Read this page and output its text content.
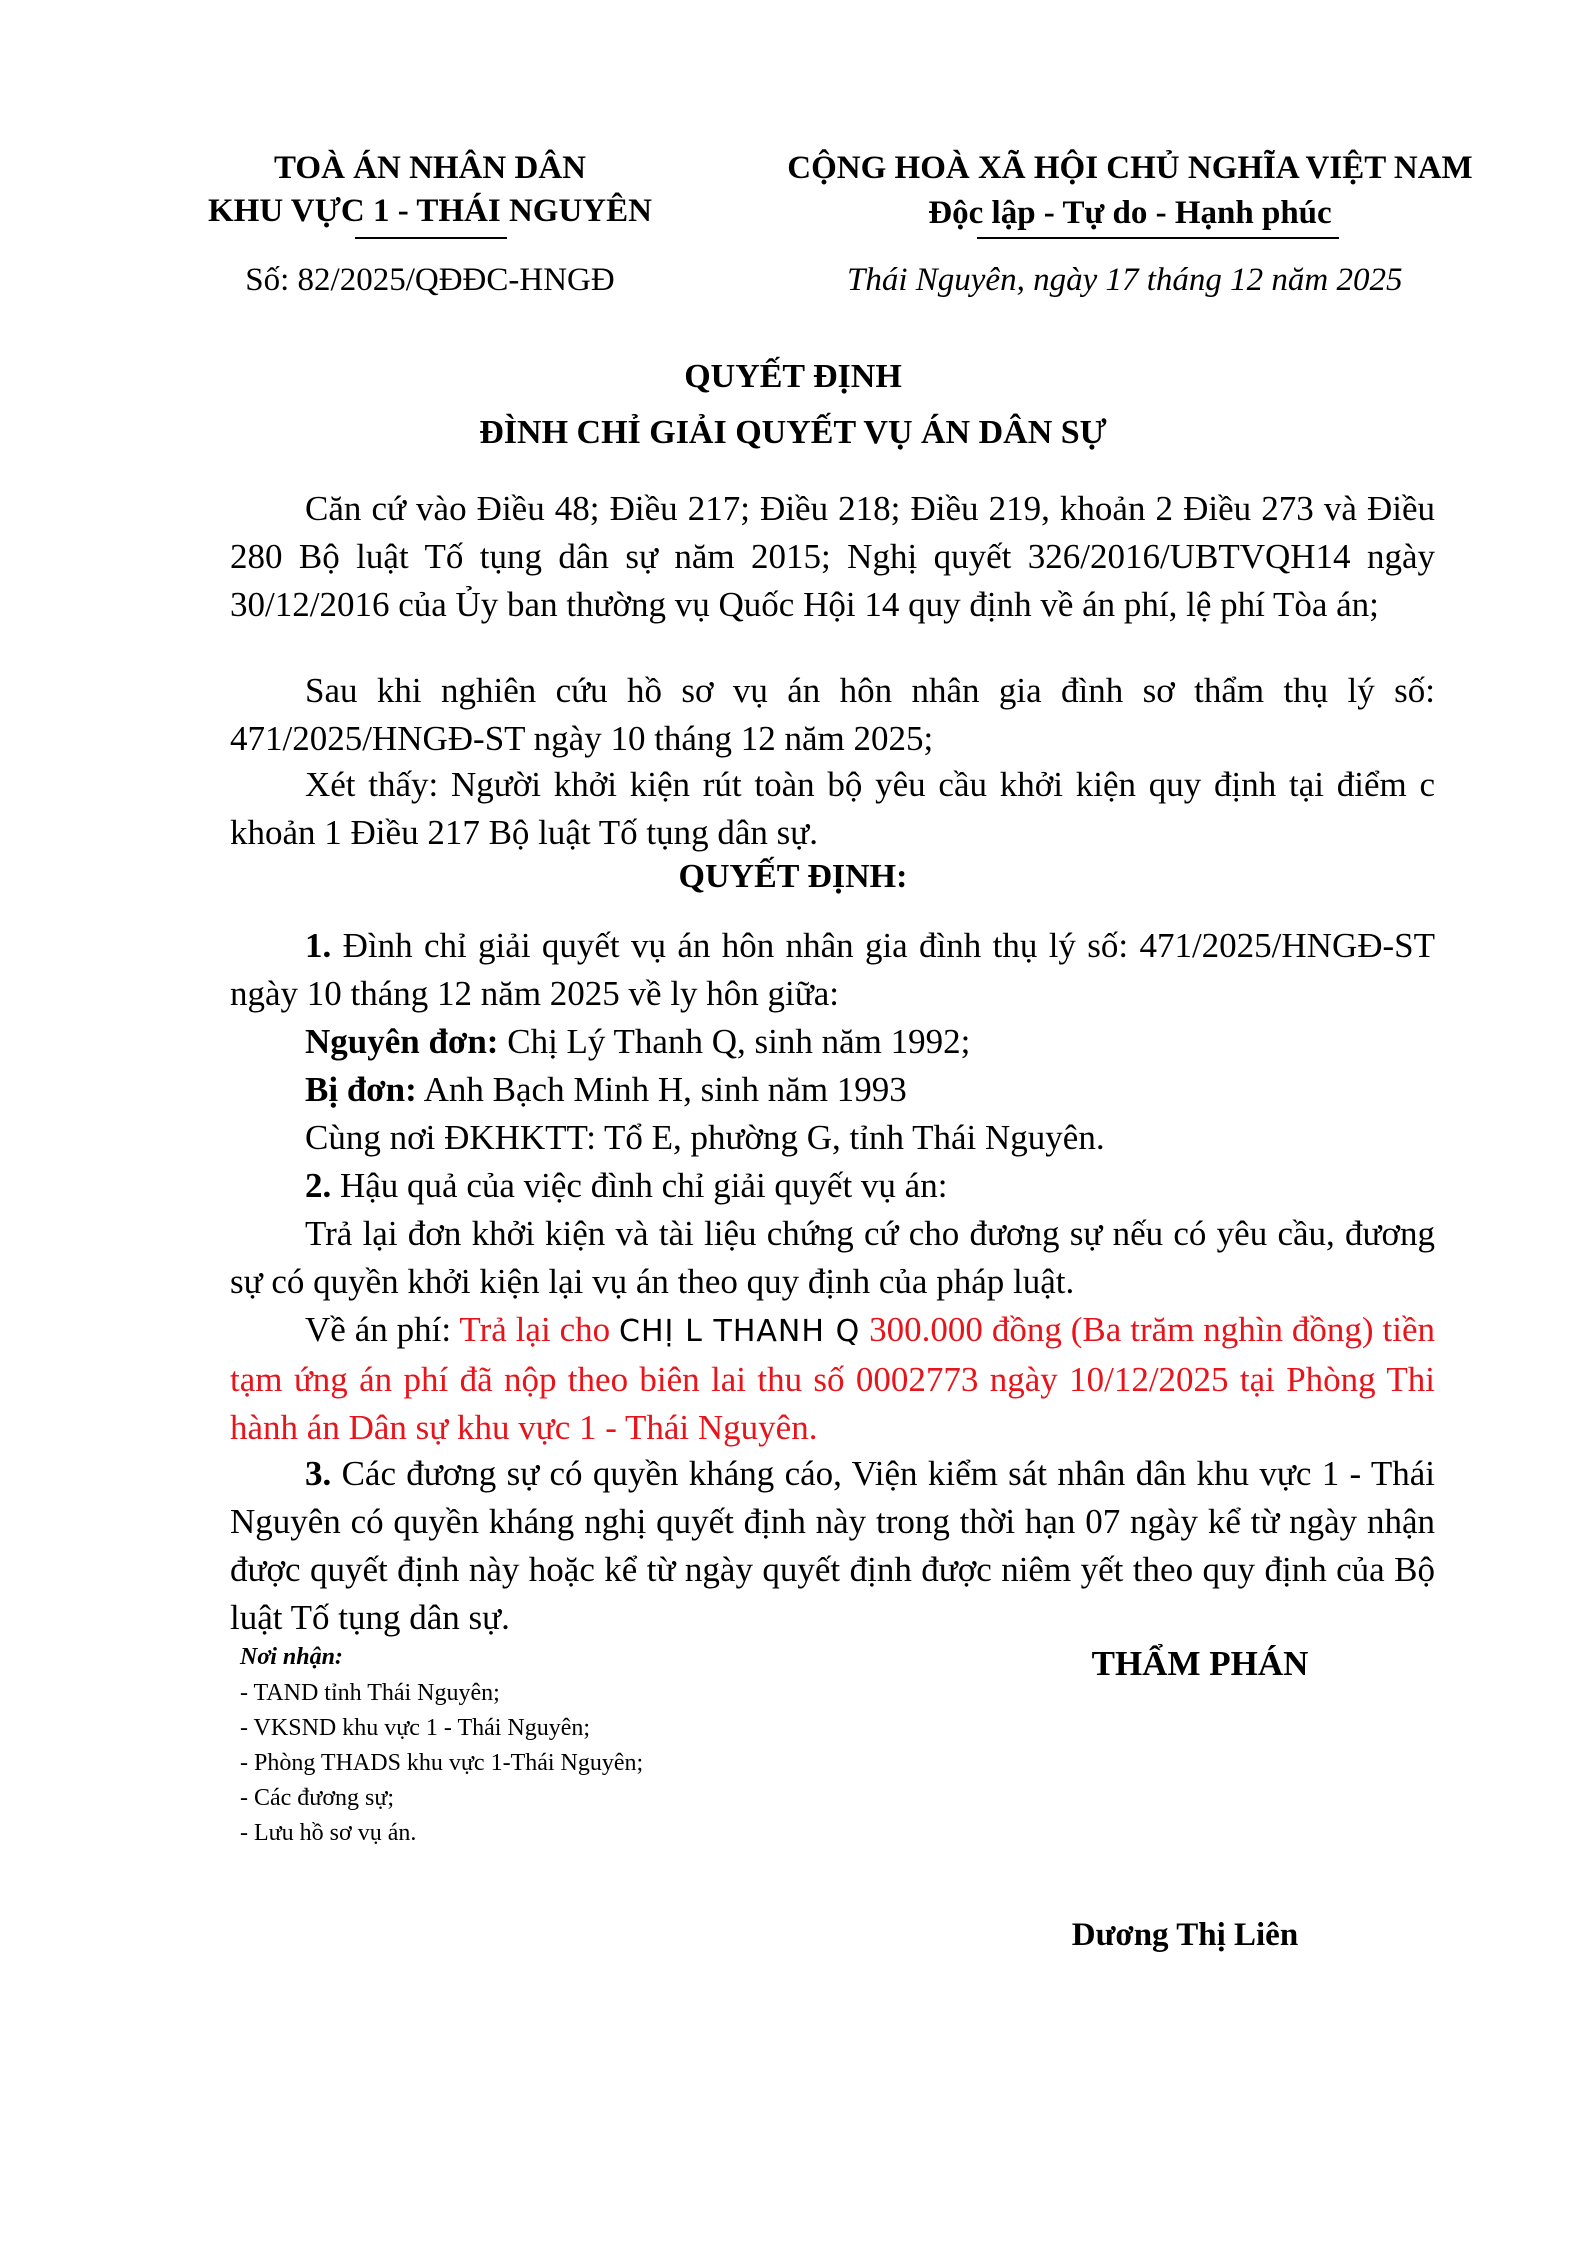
TOÀ ÁN NHÂN DÂN
KHU VỰC 1 - THÁI NGUYÊN
Số: 82/2025/QĐĐC-HNGĐ
CỘNG HOÀ XÃ HỘI CHỦ NGHĨA VIỆT NAM
Độc lập - Tự do - Hạnh phúc
Thái Nguyên, ngày 17 tháng 12 năm 2025
QUYẾT ĐỊNH
ĐÌNH CHỈ GIẢI QUYẾT VỤ ÁN DÂN SỰ
Căn cứ vào Điều 48; Điều 217; Điều 218; Điều 219, khoản 2 Điều 273 và Điều 280 Bộ luật Tố tụng dân sự năm 2015; Nghị quyết 326/2016/UBTVQH14 ngày 30/12/2016 của Ủy ban thường vụ Quốc Hội 14 quy định về án phí, lệ phí Tòa án;
Sau khi nghiên cứu hồ sơ vụ án hôn nhân gia đình sơ thẩm thụ lý số: 471/2025/HNGĐ-ST ngày 10 tháng 12 năm 2025;
Xét thấy: Người khởi kiện rút toàn bộ yêu cầu khởi kiện quy định tại điểm c khoản 1 Điều 217 Bộ luật Tố tụng dân sự.
QUYẾT ĐỊNH:
1. Đình chỉ giải quyết vụ án hôn nhân gia đình thụ lý số: 471/2025/HNGĐ-ST ngày 10 tháng 12 năm 2025 về ly hôn giữa:
Nguyên đơn: Chị Lý Thanh Q, sinh năm 1992;
Bị đơn: Anh Bạch Minh H, sinh năm 1993
Cùng nơi ĐKHKTT: Tổ E, phường G, tỉnh Thái Nguyên.
2. Hậu quả của việc đình chỉ giải quyết vụ án:
Trả lại đơn khởi kiện và tài liệu chứng cứ cho đương sự nếu có yêu cầu, đương sự có quyền khởi kiện lại vụ án theo quy định của pháp luật.
Về án phí: Trả lại cho CHỊ L THANH Q 300.000 đồng (Ba trăm nghìn đồng) tiền tạm ứng án phí đã nộp theo biên lai thu số 0002773 ngày 10/12/2025 tại Phòng Thi hành án Dân sự khu vực 1 - Thái Nguyên.
3. Các đương sự có quyền kháng cáo, Viện kiểm sát nhân dân khu vực 1 - Thái Nguyên có quyền kháng nghị quyết định này trong thời hạn 07 ngày kể từ ngày nhận được quyết định này hoặc kể từ ngày quyết định được niêm yết theo quy định của Bộ luật Tố tụng dân sự.
Nơi nhận:
- TAND tỉnh Thái Nguyên;
- VKSND khu vực 1 - Thái Nguyên;
- Phòng THADS khu vực 1-Thái Nguyên;
- Các đương sự;
- Lưu hồ sơ vụ án.
THẨM PHÁN
Dương Thị Liên
